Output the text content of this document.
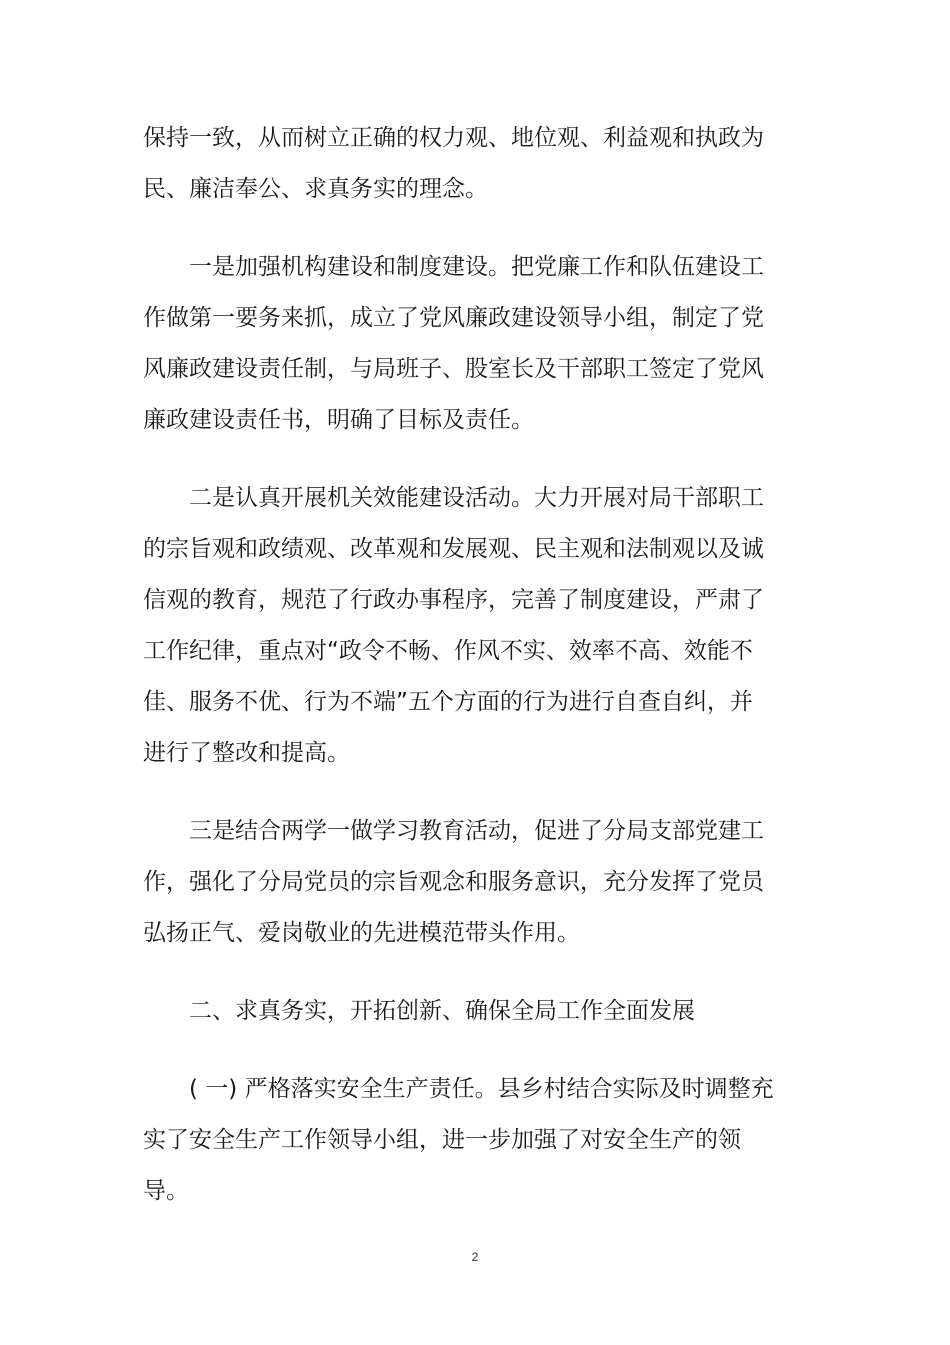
保持一致，从而树立正确的权力观、地位观、利益观和执政为
民、廉洁奉公、求真务实的理念。
一是加强机构建设和制度建设。把党廉工作和队伍建设工
作做第一要务来抓，成立了党风廉政建设领导小组，制定了党
风廉政建设责任制，与局班子、股室长及干部职工签定了党风
廉政建设责任书，明确了目标及责任。
二是认真开展机关效能建设活动。大力开展对局干部职工
的宗旨观和政绩观、改革观和发展观、民主观和法制观以及诚
信观的教育，规范了行政办事程序，完善了制度建设，严肃了
工作纪律，重点对“政令不畅、作风不实、效率不高、效能不
佳、服务不优、行为不端”五个方面的行为进行自查自纠，并
进行了整改和提高。
三是结合两学一做学习教育活动，促进了分局支部党建工
作，强化了分局党员的宗旨观念和服务意识，充分发挥了党员
弘扬正气、爱岗敬业的先进模范带头作用。
二、求真务实，开拓创新、确保全局工作全面发展
( 一) 严格落实安全生产责任。县乡村结合实际及时调整充
实了安全生产工作领导小组，进一步加强了对安全生产的领
导。
2
